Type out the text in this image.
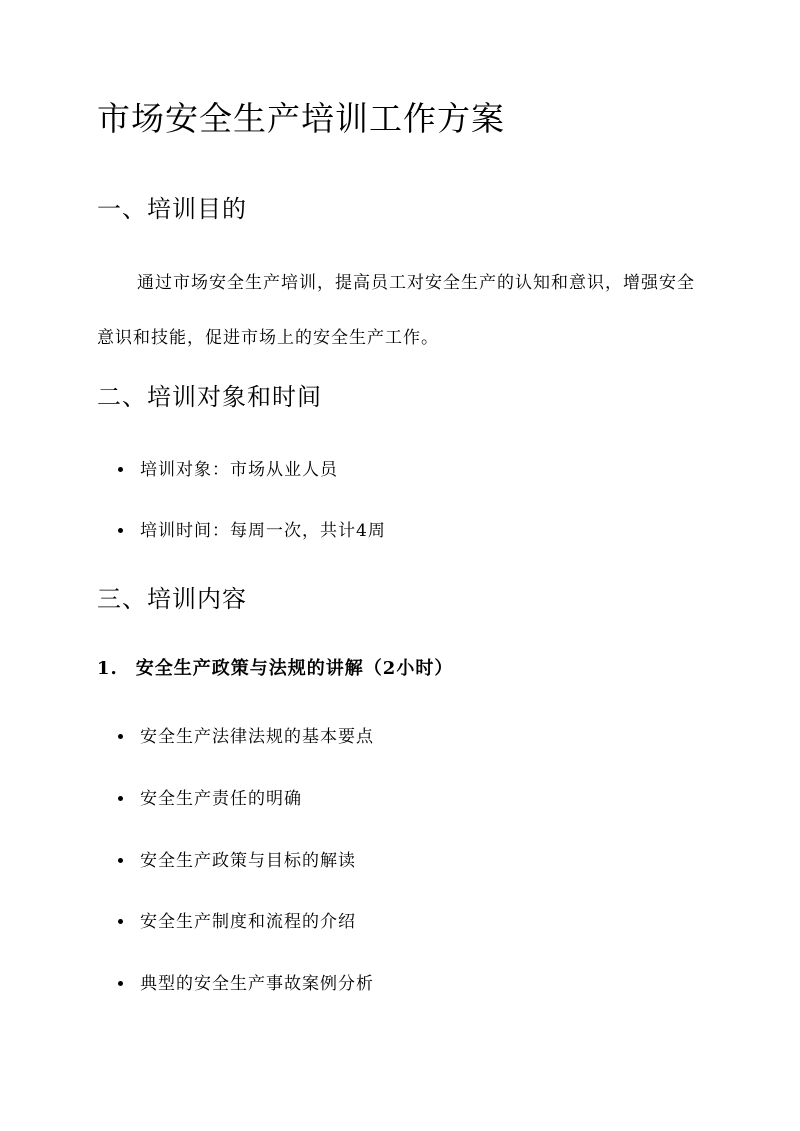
市场安全生产培训工作方案
一、培训目的

通过市场安全生产培训，提高员工对安全生产的认知和意识，增强安全意识和技能，促进市场上的安全生产工作。

二、培训对象和时间
培训对象：市场从业人员
培训时间：每周一次，共计4周
三、培训内容
1. 安全生产政策与法规的讲解（2小时）
安全生产法律法规的基本要点
安全生产责任的明确
安全生产政策与目标的解读
安全生产制度和流程的介绍
典型的安全生产事故案例分析
